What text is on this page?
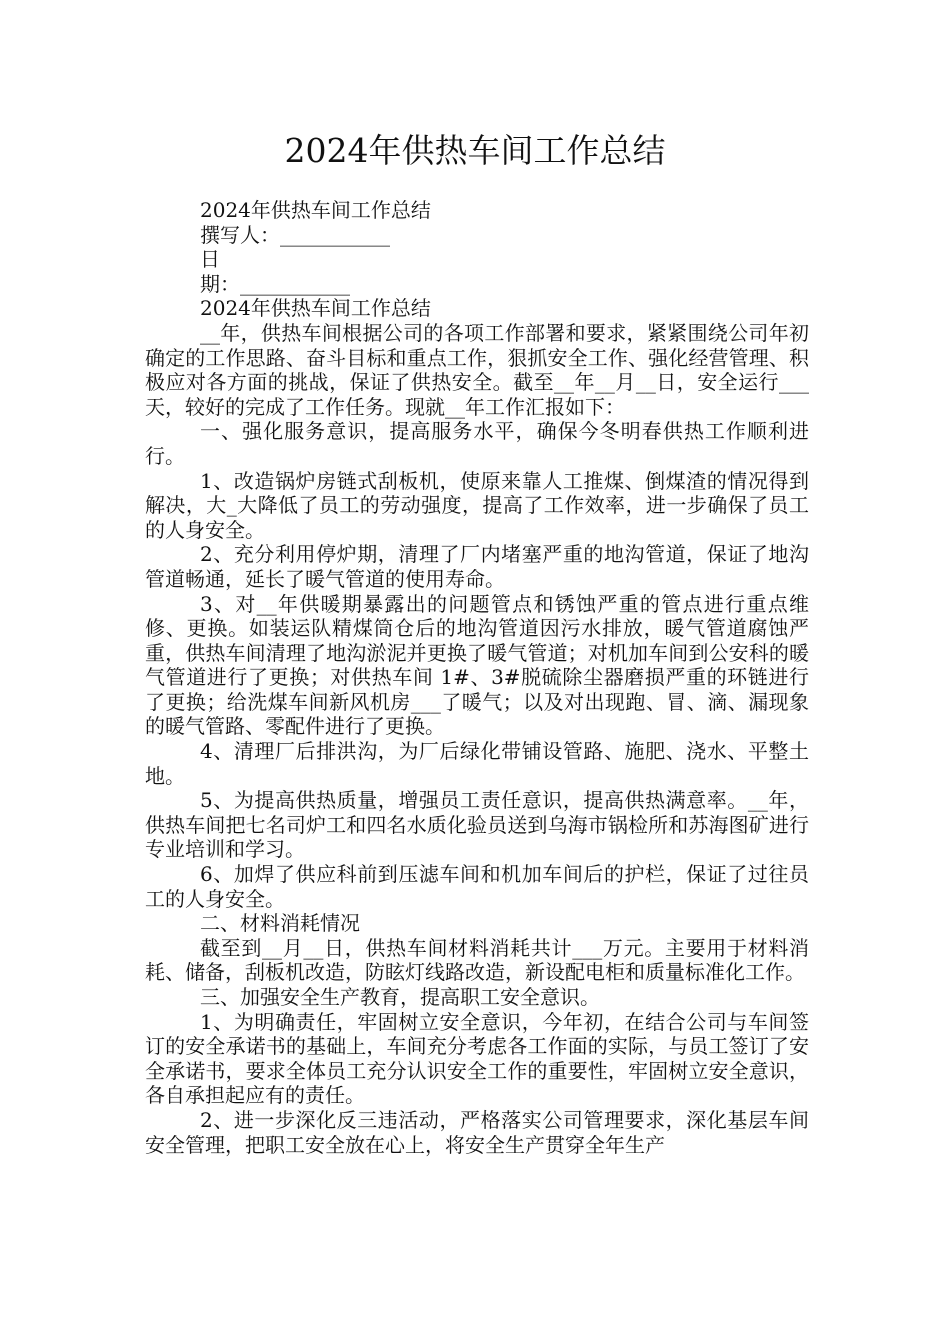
2024年供热车间工作总结
2024年供热车间工作总结
撰写人：___________
日
期：___________
2024年供热车间工作总结

__年，供热车间根据公司的各项工作部署和要求，紧紧围绕公司年初确定的工作思路、奋斗目标和重点工作，狠抓安全工作、强化经营管理、积极应对各方面的挑战，保证了供热安全。截至__年__月__日，安全运行___天，较好的完成了工作任务。现就__年工作汇报如下：

一、强化服务意识，提高服务水平，确保今冬明春供热工作顺利进行。

1、改造锅炉房链式刮板机，使原来靠人工推煤、倒煤渣的情况得到解决，大_大降低了员工的劳动强度，提高了工作效率，进一步确保了员工的人身安全。

2、充分利用停炉期，清理了厂内堵塞严重的地沟管道，保证了地沟管道畅通，延长了暖气管道的使用寿命。

3、对__年供暖期暴露出的问题管点和锈蚀严重的管点进行重点维修、更换。如装运队精煤筒仓后的地沟管道因污水排放，暖气管道腐蚀严重，供热车间清理了地沟淤泥并更换了暖气管道；对机加车间到公安科的暖气管道进行了更换；对供热车间 1#、3#脱硫除尘器磨损严重的环链进行了更换；给洗煤车间新风机房___了暖气；以及对出现跑、冒、滴、漏现象的暖气管路、零配件进行了更换。

4、清理厂后排洪沟，为厂后绿化带铺设管路、施肥、浇水、平整土地。

5、为提高供热质量，增强员工责任意识，提高供热满意率。__年，供热车间把七名司炉工和四名水质化验员送到乌海市锅检所和苏海图矿进行专业培训和学习。

6、加焊了供应科前到压滤车间和机加车间后的护栏，保证了过往员工的人身安全。

二、材料消耗情况

截至到__月__日，供热车间材料消耗共计___万元。主要用于材料消耗、储备，刮板机改造，防眩灯线路改造，新设配电柜和质量标准化工作。

三、加强安全生产教育，提高职工安全意识。

1、为明确责任，牢固树立安全意识，今年初，在结合公司与车间签订的安全承诺书的基础上，车间充分考虑各工作面的实际，与员工签订了安全承诺书，要求全体员工充分认识安全工作的重要性，牢固树立安全意识，各自承担起应有的责任。

2、进一步深化反三违活动，严格落实公司管理要求，深化基层车间安全管理，把职工安全放在心上，将安全生产贯穿全年生产
